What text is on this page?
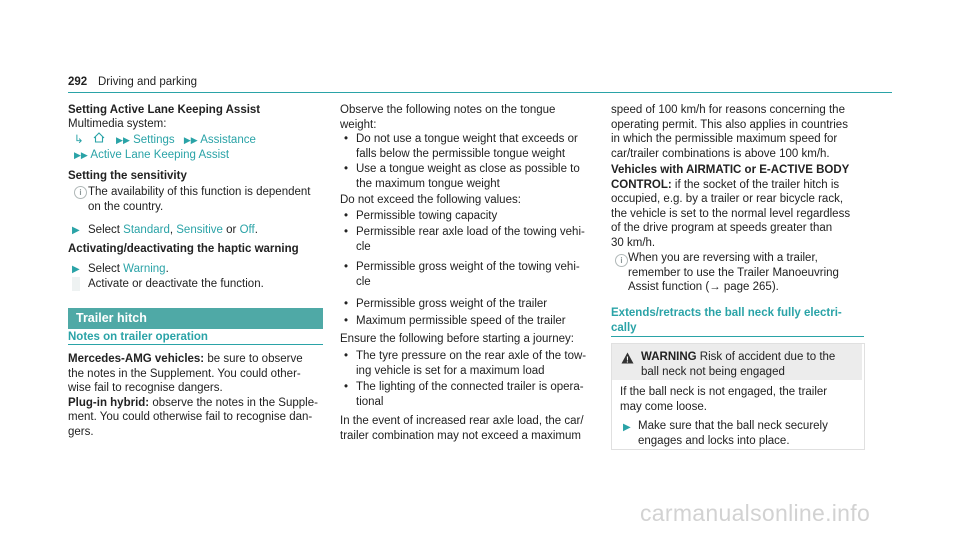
292 Driving and parking
Setting Active Lane Keeping Assist
Multimedia system:
↳	▶▶ Settings ▶▶ Assistance
▶▶ Active Lane Keeping Assist
Setting the sensitivity
i The availability of this function is dependent
on the country.
▶ Select Standard, Sensitive or Off.
Activating/deactivating the haptic warning
▶ Select Warning.
Activate or deactivate the function.
Trailer hitch
Notes on trailer operation
Mercedes-AMG vehicles: be sure to observe
the notes in the Supplement. You could other-
wise fail to recognise dangers.
Plug-in hybrid: observe the notes in the Supple-
ment. You could otherwise fail to recognise dan-
gers.
Observe the following notes on the tongue
weight:
• Do not use a tongue weight that exceeds or
falls below the permissible tongue weight
• Use a tongue weight as close as possible to
the maximum tongue weight
Do not exceed the following values:
• Permissible towing capacity
• Permissible rear axle load of the towing vehi-
cle
• Permissible gross weight of the towing vehi-
cle
• Permissible gross weight of the trailer
• Maximum permissible speed of the trailer
Ensure the following before starting a journey:
• The tyre pressure on the rear axle of the tow-
ing vehicle is set for a maximum load
• The lighting of the connected trailer is opera-
tional
In the event of increased rear axle load, the car/
trailer combination may not exceed a maximum
speed of 100 km/h for reasons concerning the
operating permit. This also applies in countries
in which the permissible maximum speed for
car/trailer combinations is above 100 km/h.
Vehicles with AIRMATIC or E-ACTIVE BODY
CONTROL: if the socket of the trailer hitch is
occupied, e.g. by a trailer or rear bicycle rack,
the vehicle is set to the normal level regardless
of the drive program at speeds greater than
30 km/h.
i When you are reversing with a trailer,
remember to use the Trailer Manoeuvring
Assist function (→ page 265).
Extends/retracts the ball neck fully electri-
cally
! WARNING Risk of accident due to the
ball neck not being engaged
If the ball neck is not engaged, the trailer
may come loose.
▶ Make sure that the ball neck securely
engages and locks into place.
carmanualsonline.info
